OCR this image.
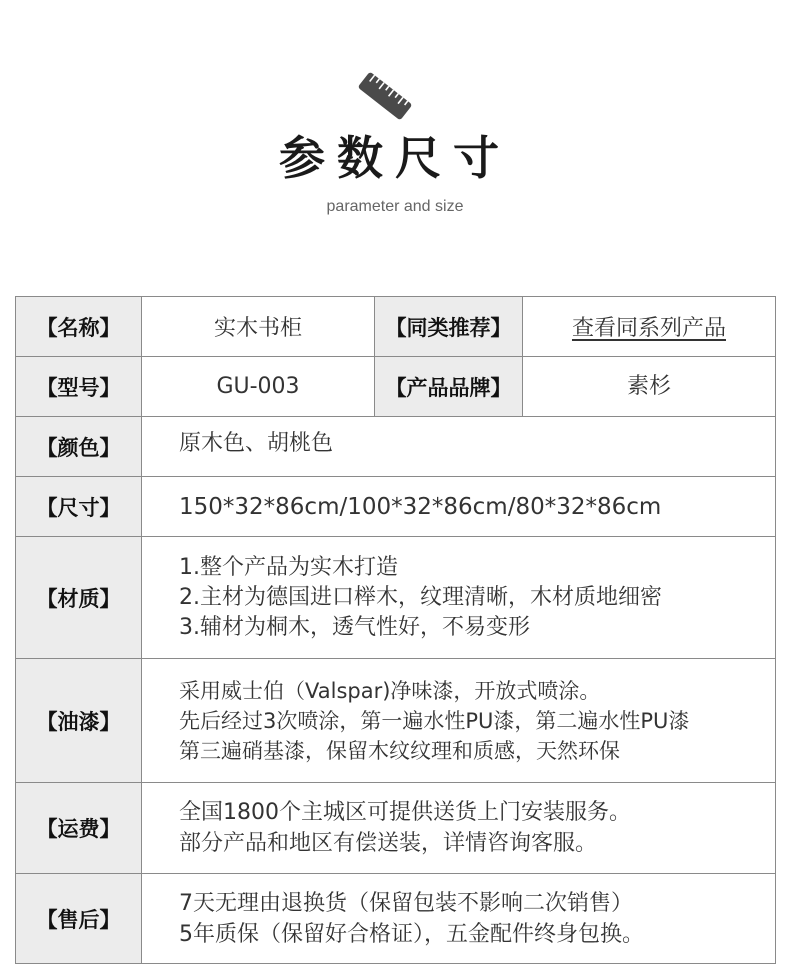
参数尺寸
parameter and size
【名称】	实木书柜	【同类推荐】	查看同系列产品
【型号】	GU-003	【产品品牌】	素杉
【颜色】	原木色、胡桃色		
【尺寸】	150*32*86cm/100*32*86cm/80*32*86cm		
【材质】	1.整个产品为实木打造
2.主材为德国进口榉木，纹理清晰，木材质地细密
3.辅材为桐木，透气性好，不易变形		

【油漆】	采用威士伯（Valspar)净味漆，开放式喷涂。
先后经过3次喷涂，第一遍水性PU漆，第二遍水性PU漆
第三遍硝基漆，保留木纹纹理和质感，天然环保		

【运费】	全国1800个主城区可提供送货上门安装服务。
部分产品和地区有偿送装，详情咨询客服。		

【售后】	7天无理由退换货（保留包装不影响二次销售）
5年质保（保留好合格证），五金配件终身包换。		
